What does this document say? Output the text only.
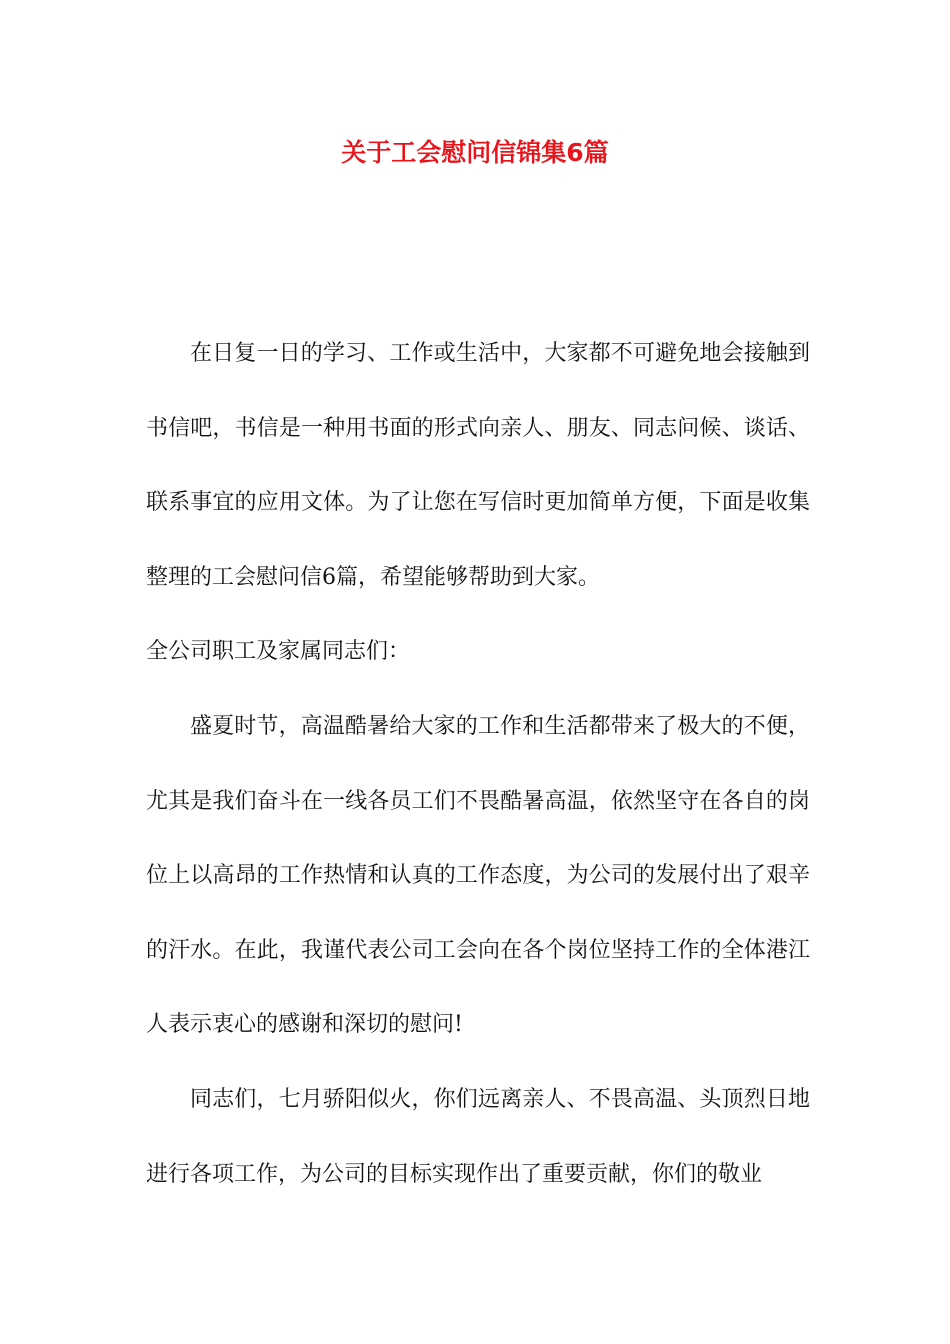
关于工会慰问信锦集6篇

在日复一日的学习、工作或生活中，大家都不可避免地会接触到书信吧，书信是一种用书面的形式向亲人、朋友、同志问候、谈话、联系事宜的应用文体。为了让您在写信时更加简单方便，下面是收集整理的工会慰问信6篇，希望能够帮助到大家。

全公司职工及家属同志们：

盛夏时节，高温酷暑给大家的工作和生活都带来了极大的不便，尤其是我们奋斗在一线各员工们不畏酷暑高温，依然坚守在各自的岗位上以高昂的工作热情和认真的工作态度，为公司的发展付出了艰辛的汗水。在此，我谨代表公司工会向在各个岗位坚持工作的全体港江人表示衷心的感谢和深切的慰问!

同志们，七月骄阳似火，你们远离亲人、不畏高温、头顶烈日地进行各项工作，为公司的目标实现作出了重要贡献，你们的敬业
